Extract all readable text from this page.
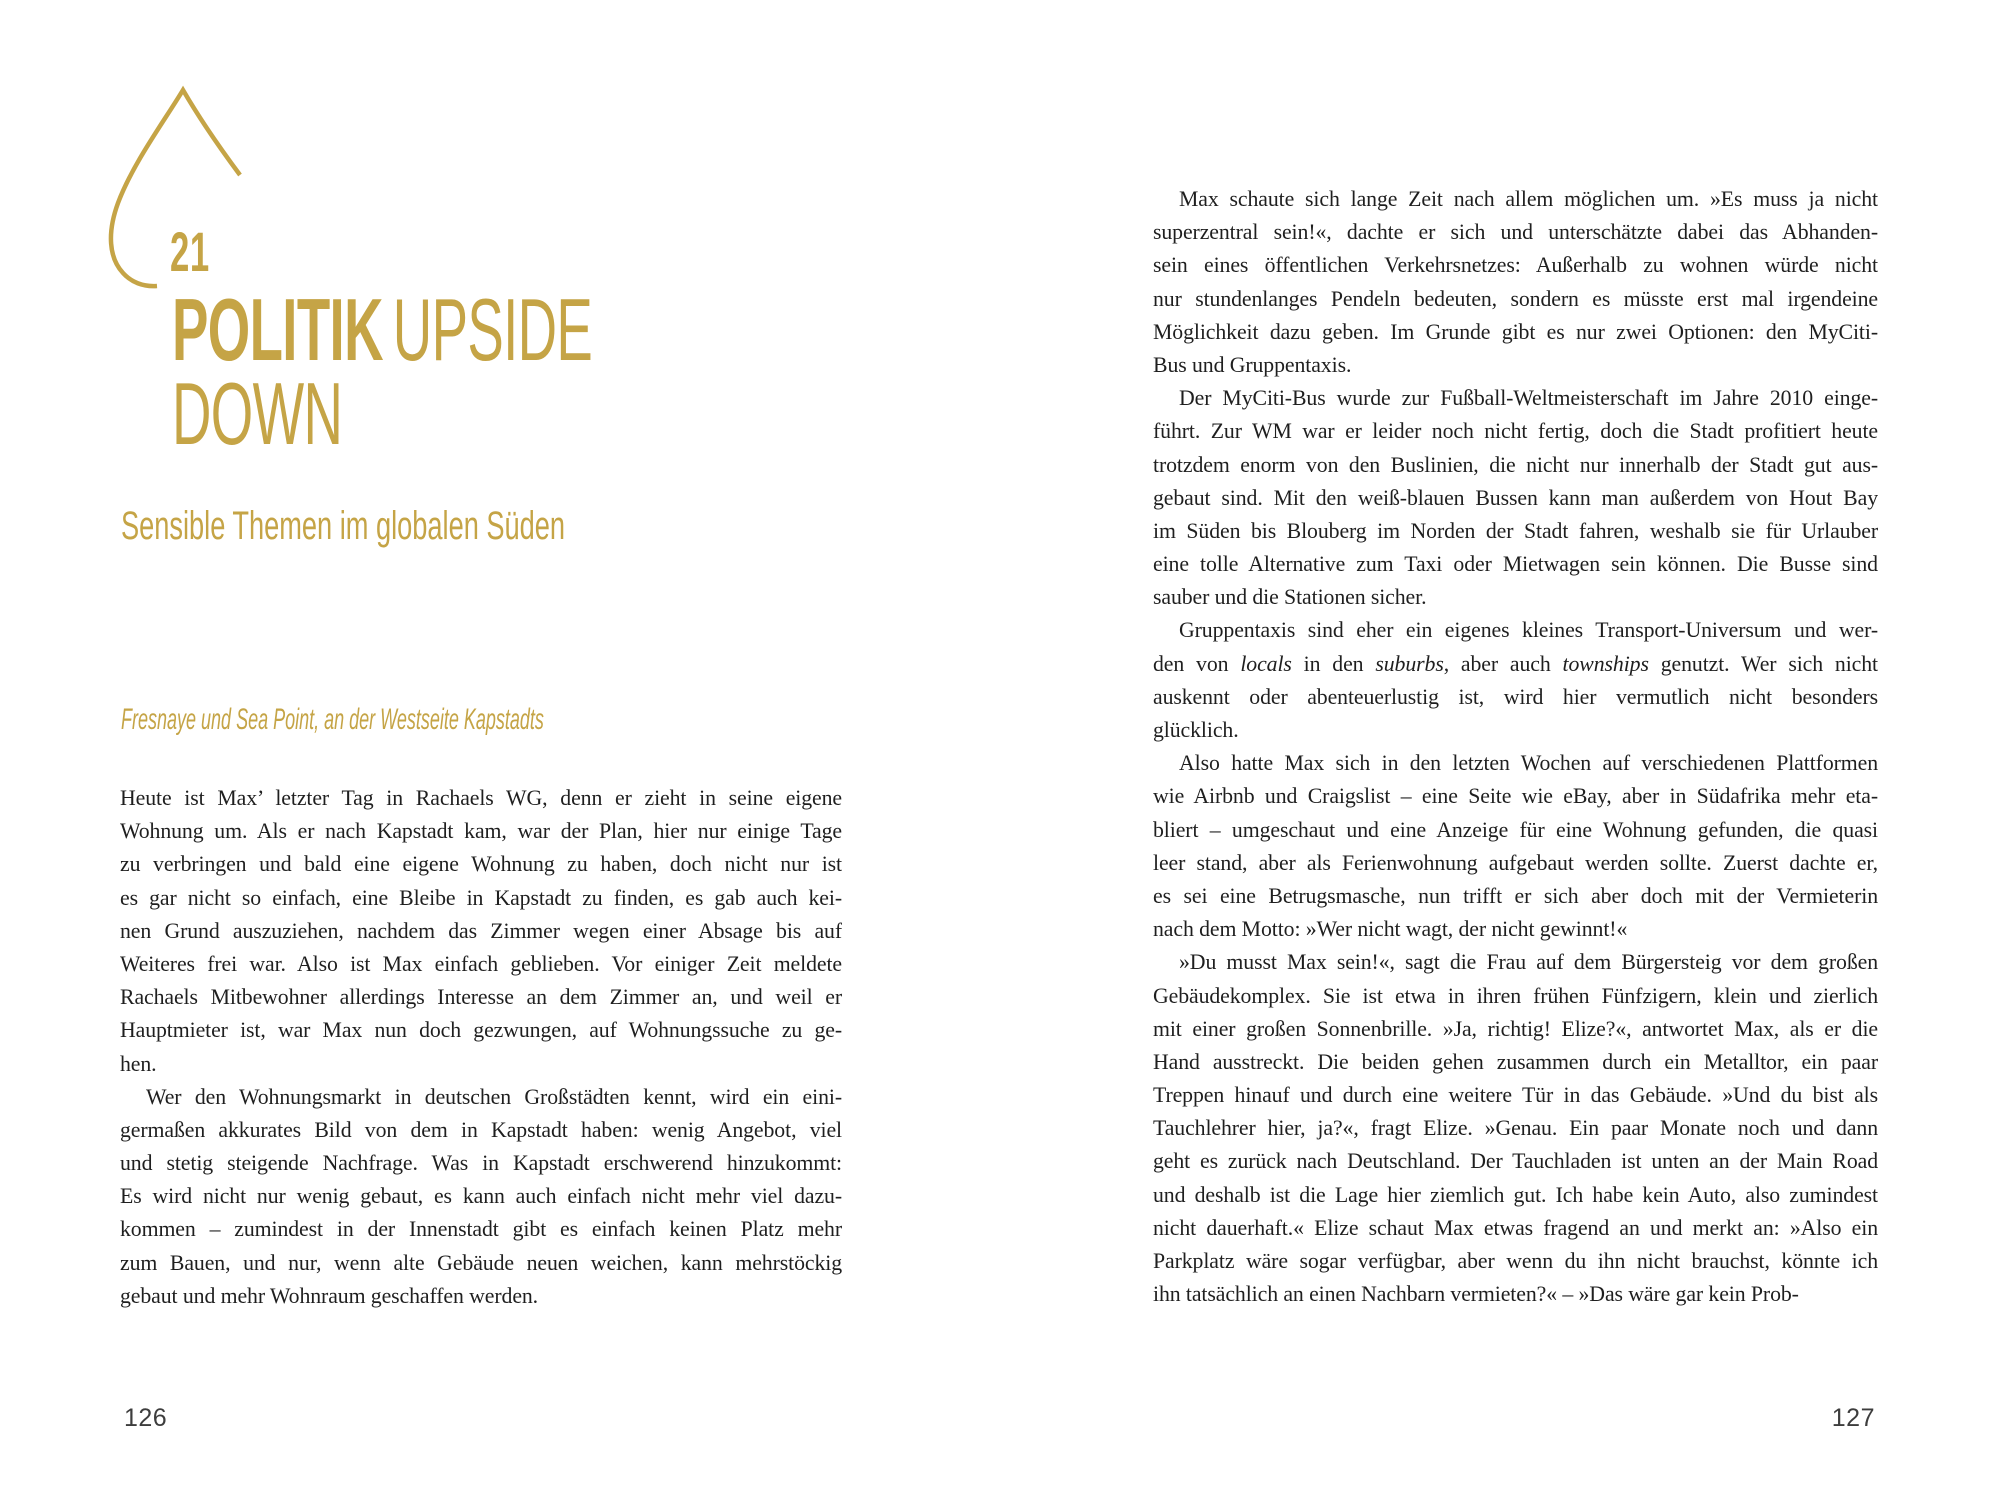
21
POLITIK UPSIDE
DOWN
Sensible Themen im globalen Süden
Fresnaye und Sea Point, an der Westseite Kapstadts
Heute ist Max’ letzter Tag in Rachaels WG, denn er zieht in seine eigene
Wohnung um. Als er nach Kapstadt kam, war der Plan, hier nur einige Tage
zu verbringen und bald eine eigene Wohnung zu haben, doch nicht nur ist
es gar nicht so einfach, eine Bleibe in Kapstadt zu finden, es gab auch kei-
nen Grund auszuziehen, nachdem das Zimmer wegen einer Absage bis auf
Weiteres frei war. Also ist Max einfach geblieben. Vor einiger Zeit meldete
Rachaels Mitbewohner allerdings Interesse an dem Zimmer an, und weil er
Hauptmieter ist, war Max nun doch gezwungen, auf Wohnungssuche zu ge-
hen.
Wer den Wohnungsmarkt in deutschen Großstädten kennt, wird ein eini-
germaßen akkurates Bild von dem in Kapstadt haben: wenig Angebot, viel
und stetig steigende Nachfrage. Was in Kapstadt erschwerend hinzukommt:
Es wird nicht nur wenig gebaut, es kann auch einfach nicht mehr viel dazu-
kommen – zumindest in der Innenstadt gibt es einfach keinen Platz mehr
zum Bauen, und nur, wenn alte Gebäude neuen weichen, kann mehrstöckig
gebaut und mehr Wohnraum geschaffen werden.
126
Max schaute sich lange Zeit nach allem möglichen um. »Es muss ja nicht
superzentral sein!«, dachte er sich und unterschätzte dabei das Abhanden-
sein eines öffentlichen Verkehrsnetzes: Außerhalb zu wohnen würde nicht
nur stundenlanges Pendeln bedeuten, sondern es müsste erst mal irgendeine
Möglichkeit dazu geben. Im Grunde gibt es nur zwei Optionen: den MyCiti-
Bus und Gruppentaxis.
Der MyCiti-Bus wurde zur Fußball-Weltmeisterschaft im Jahre 2010 einge-
führt. Zur WM war er leider noch nicht fertig, doch die Stadt profitiert heute
trotzdem enorm von den Buslinien, die nicht nur innerhalb der Stadt gut aus-
gebaut sind. Mit den weiß-blauen Bussen kann man außerdem von Hout Bay
im Süden bis Blouberg im Norden der Stadt fahren, weshalb sie für Urlauber
eine tolle Alternative zum Taxi oder Mietwagen sein können. Die Busse sind
sauber und die Stationen sicher.
Gruppentaxis sind eher ein eigenes kleines Transport-Universum und wer-
den von locals in den suburbs, aber auch townships genutzt. Wer sich nicht
auskennt oder abenteuerlustig ist, wird hier vermutlich nicht besonders
glücklich.
Also hatte Max sich in den letzten Wochen auf verschiedenen Plattformen
wie Airbnb und Craigslist – eine Seite wie eBay, aber in Südafrika mehr eta-
bliert – umgeschaut und eine Anzeige für eine Wohnung gefunden, die quasi
leer stand, aber als Ferienwohnung aufgebaut werden sollte. Zuerst dachte er,
es sei eine Betrugsmasche, nun trifft er sich aber doch mit der Vermieterin
nach dem Motto: »Wer nicht wagt, der nicht gewinnt!«
»Du musst Max sein!«, sagt die Frau auf dem Bürgersteig vor dem großen
Gebäudekomplex. Sie ist etwa in ihren frühen Fünfzigern, klein und zierlich
mit einer großen Sonnenbrille. »Ja, richtig! Elize?«, antwortet Max, als er die
Hand ausstreckt. Die beiden gehen zusammen durch ein Metalltor, ein paar
Treppen hinauf und durch eine weitere Tür in das Gebäude. »Und du bist als
Tauchlehrer hier, ja?«, fragt Elize. »Genau. Ein paar Monate noch und dann
geht es zurück nach Deutschland. Der Tauchladen ist unten an der Main Road
und deshalb ist die Lage hier ziemlich gut. Ich habe kein Auto, also zumindest
nicht dauerhaft.« Elize schaut Max etwas fragend an und merkt an: »Also ein
Parkplatz wäre sogar verfügbar, aber wenn du ihn nicht brauchst, könnte ich
ihn tatsächlich an einen Nachbarn vermieten?« – »Das wäre gar kein Prob-
127
